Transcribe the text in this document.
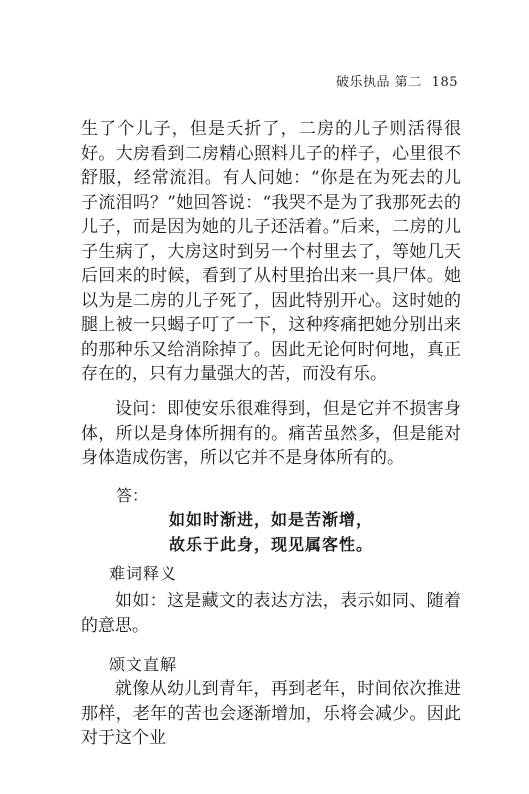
破乐执品 第二 185
生了个儿子，但是夭折了，二房的儿子则活得很好。大房看到二房精心照料儿子的样子，心里很不舒服，经常流泪。有人问她：“你是在为死去的儿子流泪吗？”她回答说：“我哭不是为了我那死去的儿子，而是因为她的儿子还活着。”后来，二房的儿子生病了，大房这时到另一个村里去了，等她几天后回来的时候，看到了从村里抬出来一具尸体。她以为是二房的儿子死了，因此特别开心。这时她的腿上被一只蝎子叮了一下，这种疼痛把她分别出来的那种乐又给消除掉了。因此无论何时何地，真正存在的，只有力量强大的苦，而没有乐。
设问：即使安乐很难得到，但是它并不损害身体，所以是身体所拥有的。痛苦虽然多，但是能对身体造成伤害，所以它并不是身体所有的。
答：
如如时渐进，如是苦渐增，
故乐于此身，现见属客性。
难词释义
如如：这是藏文的表达方法，表示如同、随着的意思。
颂文直解
就像从幼儿到青年，再到老年，时间依次推进那样，老年的苦也会逐渐增加，乐将会减少。因此对于这个业
